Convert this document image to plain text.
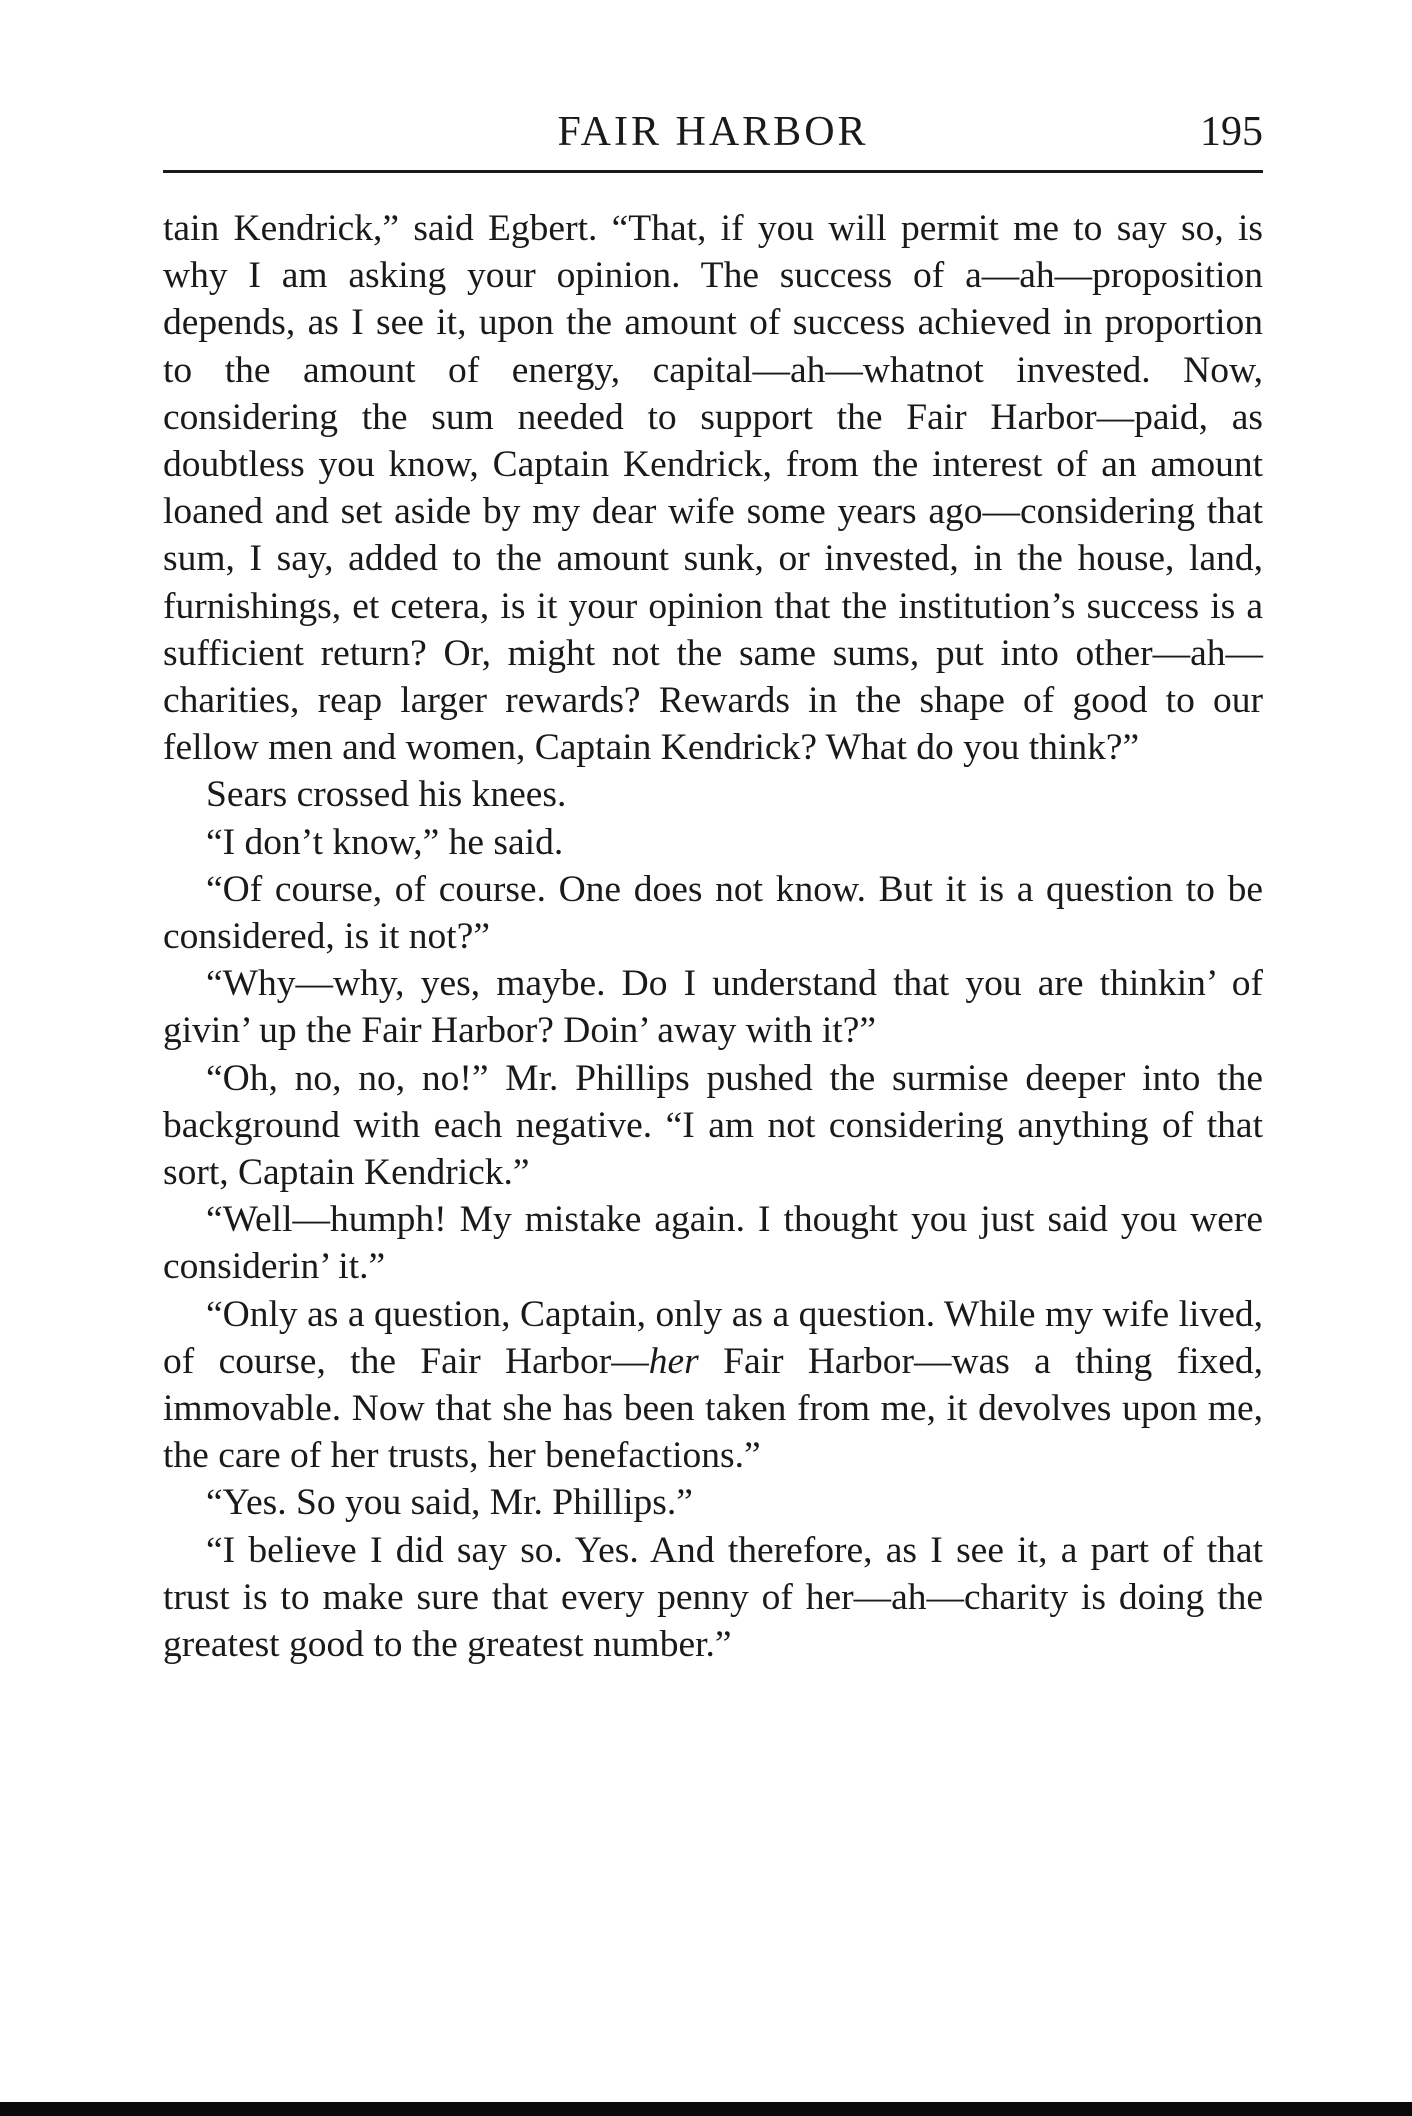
FAIR HARBOR	195

tain Kendrick,” said Egbert. “That, if you will permit me to say so, is why I am asking your opinion. The success of a—ah—proposition depends, as I see it, upon the amount of success achieved in proportion to the amount of energy, capital—ah—whatnot invested. Now, considering the sum needed to support the Fair Harbor—paid, as doubtless you know, Captain Kendrick, from the interest of an amount loaned and set aside by my dear wife some years ago—considering that sum, I say, added to the amount sunk, or invested, in the house, land, furnishings, et cetera, is it your opinion that the institution’s success is a sufficient return? Or, might not the same sums, put into other—ah—charities, reap larger rewards? Rewards in the shape of good to our fellow men and women, Captain Kendrick? What do you think?”

Sears crossed his knees.

“I don’t know,” he said.

“Of course, of course. One does not know. But it is a question to be considered, is it not?”

“Why—why, yes, maybe. Do I understand that you are thinkin’ of givin’ up the Fair Harbor? Doin’ away with it?”

“Oh, no, no, no!” Mr. Phillips pushed the surmise deeper into the background with each negative. “I am not considering anything of that sort, Captain Kendrick.”

“Well—humph! My mistake again. I thought you just said you were considerin’ it.”

“Only as a question, Captain, only as a question. While my wife lived, of course, the Fair Harbor—her Fair Harbor—was a thing fixed, immovable. Now that she has been taken from me, it devolves upon me, the care of her trusts, her benefactions.”

“Yes. So you said, Mr. Phillips.”

“I believe I did say so. Yes. And therefore, as I see it, a part of that trust is to make sure that every penny of her—ah—charity is doing the greatest good to the greatest number.”
